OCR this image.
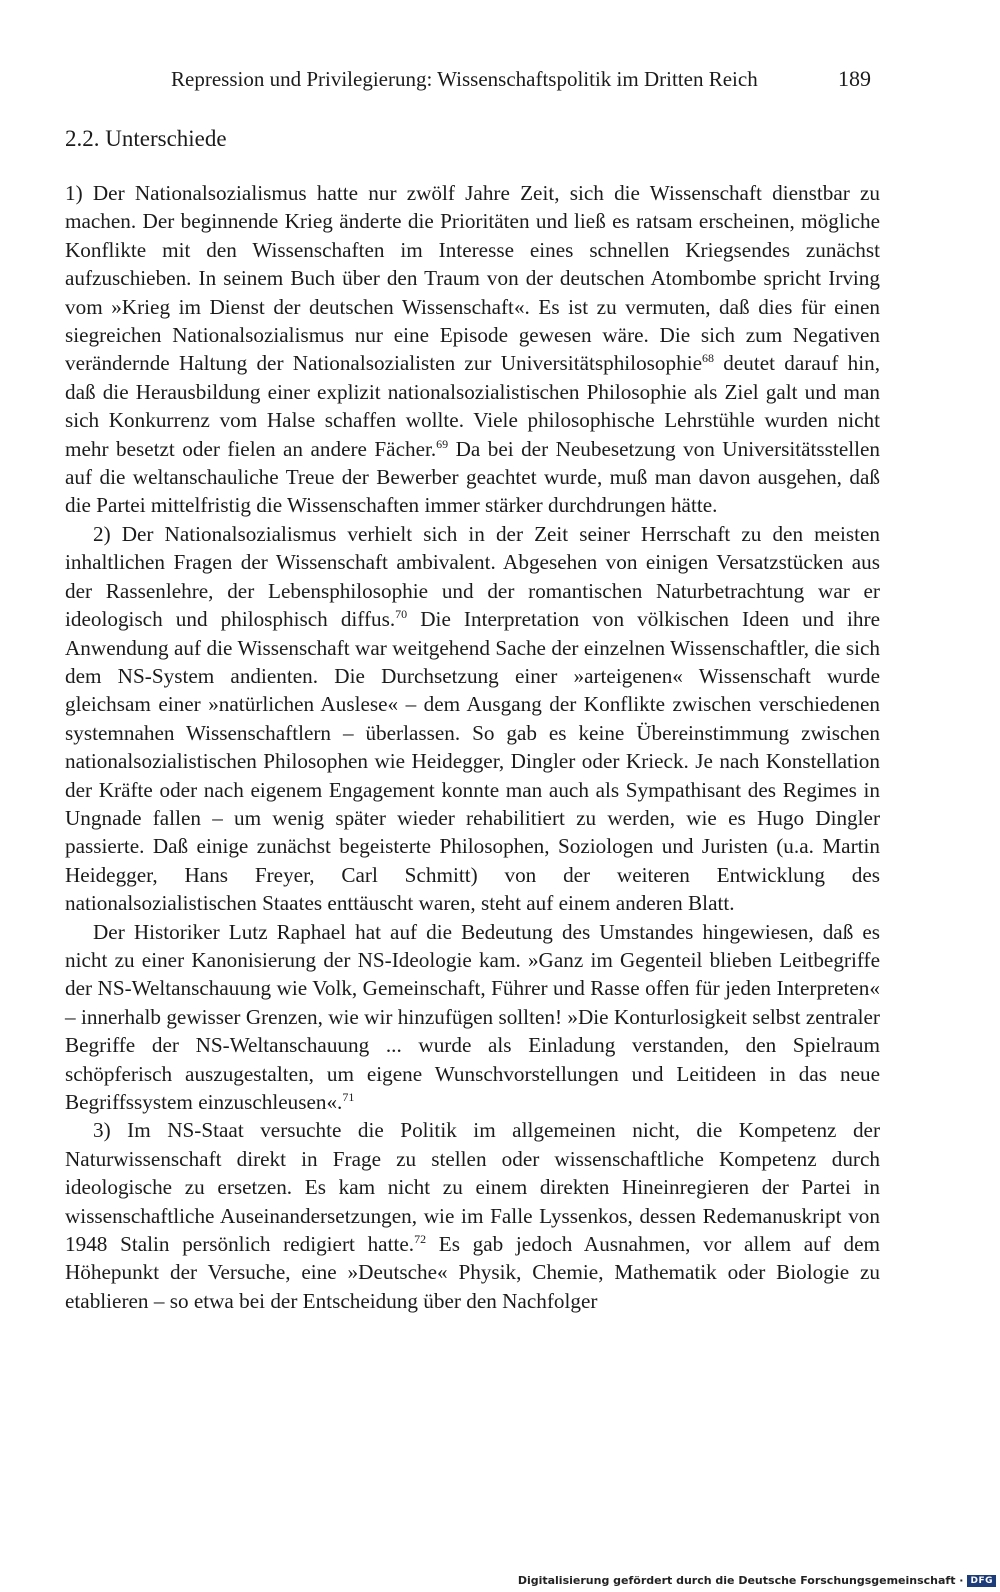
Repression und Privilegierung: Wissenschaftspolitik im Dritten Reich	189
2.2. Unterschiede

1) Der Nationalsozialismus hatte nur zwölf Jahre Zeit, sich die Wissenschaft dienstbar zu machen. Der beginnende Krieg änderte die Prioritäten und ließ es ratsam erscheinen, mögliche Konflikte mit den Wissenschaften im Interesse eines schnellen Kriegsendes zunächst aufzuschieben. In seinem Buch über den Traum von der deutschen Atombombe spricht Irving vom »Krieg im Dienst der deutschen Wissenschaft«. Es ist zu vermuten, daß dies für einen siegreichen Nationalsozialismus nur eine Episode gewesen wäre. Die sich zum Negativen verändernde Haltung der Nationalsozialisten zur Universitätsphilosophie$^{68}$ deutet darauf hin, daß die Herausbildung einer explizit nationalsozialistischen Philosophie als Ziel galt und man sich Konkurrenz vom Halse schaffen wollte. Viele philosophische Lehrstühle wurden nicht mehr besetzt oder fielen an andere Fächer.$^{69}$ Da bei der Neubesetzung von Universitätsstellen auf die weltanschauliche Treue der Bewerber geachtet wurde, muß man davon ausgehen, daß die Partei mittelfristig die Wissenschaften immer stärker durchdrungen hätte.

2) Der Nationalsozialismus verhielt sich in der Zeit seiner Herrschaft zu den meisten inhaltlichen Fragen der Wissenschaft ambivalent. Abgesehen von einigen Versatzstücken aus der Rassenlehre, der Lebensphilosophie und der romantischen Naturbetrachtung war er ideologisch und philosphisch diffus.$^{70}$ Die Interpretation von völkischen Ideen und ihre Anwendung auf die Wissenschaft war weitgehend Sache der einzelnen Wissenschaftler, die sich dem NS-System andienten. Die Durchsetzung einer »arteigenen« Wissenschaft wurde gleichsam einer »natürlichen Auslese« – dem Ausgang der Konflikte zwischen verschiedenen systemnahen Wissenschaftlern – überlassen. So gab es keine Übereinstimmung zwischen nationalsozialistischen Philosophen wie Heidegger, Dingler oder Krieck. Je nach Konstellation der Kräfte oder nach eigenem Engagement konnte man auch als Sympathisant des Regimes in Ungnade fallen – um wenig später wieder rehabilitiert zu werden, wie es Hugo Dingler passierte. Daß einige zunächst begeisterte Philosophen, Soziologen und Juristen (u.a. Martin Heidegger, Hans Freyer, Carl Schmitt) von der weiteren Entwicklung des nationalsozialistischen Staates enttäuscht waren, steht auf einem anderen Blatt.

Der Historiker Lutz Raphael hat auf die Bedeutung des Umstandes hingewiesen, daß es nicht zu einer Kanonisierung der NS-Ideologie kam. »Ganz im Gegenteil blieben Leitbegriffe der NS-Weltanschauung wie Volk, Gemeinschaft, Führer und Rasse offen für jeden Interpreten« – innerhalb gewisser Grenzen, wie wir hinzufügen sollten! »Die Konturlosigkeit selbst zentraler Begriffe der NS-Weltanschauung ... wurde als Einladung verstanden, den Spielraum schöpferisch auszugestalten, um eigene Wunschvorstellungen und Leitideen in das neue Begriffssystem einzuschleusen«.$^{71}$

3) Im NS-Staat versuchte die Politik im allgemeinen nicht, die Kompetenz der Naturwissenschaft direkt in Frage zu stellen oder wissenschaftliche Kompetenz durch ideologische zu ersetzen. Es kam nicht zu einem direkten Hineinregieren der Partei in wissenschaftliche Auseinandersetzungen, wie im Falle Lyssenkos, dessen Redemanuskript von 1948 Stalin persönlich redigiert hatte.$^{72}$ Es gab jedoch Ausnahmen, vor allem auf dem Höhepunkt der Versuche, eine »Deutsche« Physik, Chemie, Mathematik oder Biologie zu etablieren – so etwa bei der Entscheidung über den Nachfolger

Digitalisierung gefördert durch die Deutsche Forschungsgemeinschaft · DFG
